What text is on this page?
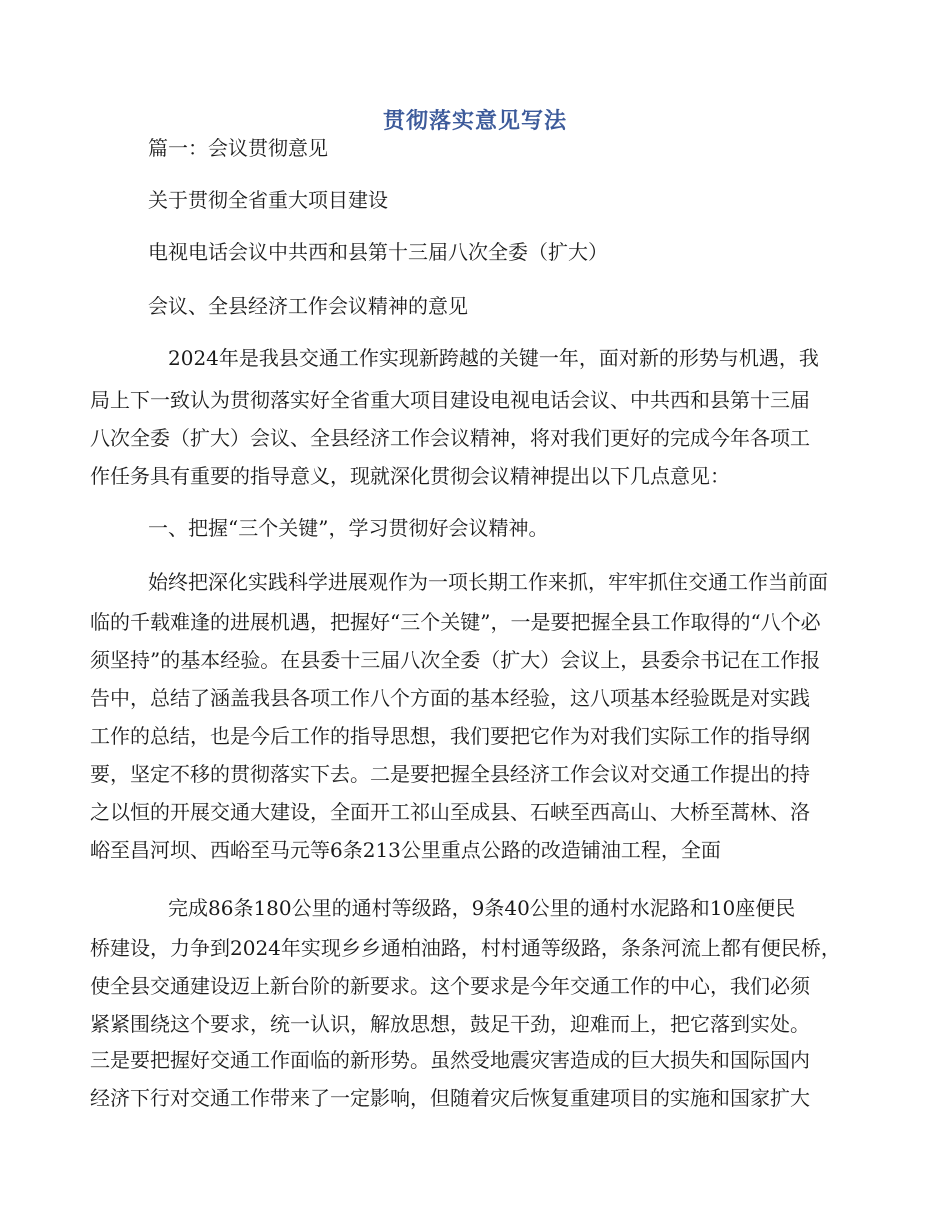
贯彻落实意见写法
篇一：会议贯彻意见
关于贯彻全省重大项目建设
电视电话会议中共西和县第十三届八次全委（扩大）
会议、全县经济工作会议精神的意见
2024年是我县交通工作实现新跨越的关键一年，面对新的形势与机遇，我
局上下一致认为贯彻落实好全省重大项目建设电视电话会议、中共西和县第十三届
八次全委（扩大）会议、全县经济工作会议精神，将对我们更好的完成今年各项工
作任务具有重要的指导意义，现就深化贯彻会议精神提出以下几点意见：
一、把握“三个关键”，学习贯彻好会议精神。
始终把深化实践科学进展观作为一项长期工作来抓，牢牢抓住交通工作当前面
临的千载难逢的进展机遇，把握好“三个关键”，一是要把握全县工作取得的“八个必
须坚持”的基本经验。在县委十三届八次全委（扩大）会议上，县委佘书记在工作报
告中，总结了涵盖我县各项工作八个方面的基本经验，这八项基本经验既是对实践
工作的总结，也是今后工作的指导思想，我们要把它作为对我们实际工作的指导纲
要，坚定不移的贯彻落实下去。二是要把握全县经济工作会议对交通工作提出的持
之以恒的开展交通大建设，全面开工祁山至成县、石峡至西高山、大桥至蒿林、洛
峪至昌河坝、西峪至马元等6条213公里重点公路的改造铺油工程，全面
完成86条180公里的通村等级路，9条40公里的通村水泥路和10座便民
桥建设，力争到2024年实现乡乡通柏油路，村村通等级路，条条河流上都有便民桥，
使全县交通建设迈上新台阶的新要求。这个要求是今年交通工作的中心，我们必须
紧紧围绕这个要求，统一认识，解放思想，鼓足干劲，迎难而上，把它落到实处。
三是要把握好交通工作面临的新形势。虽然受地震灾害造成的巨大损失和国际国内
经济下行对交通工作带来了一定影响，但随着灾后恢复重建项目的实施和国家扩大
